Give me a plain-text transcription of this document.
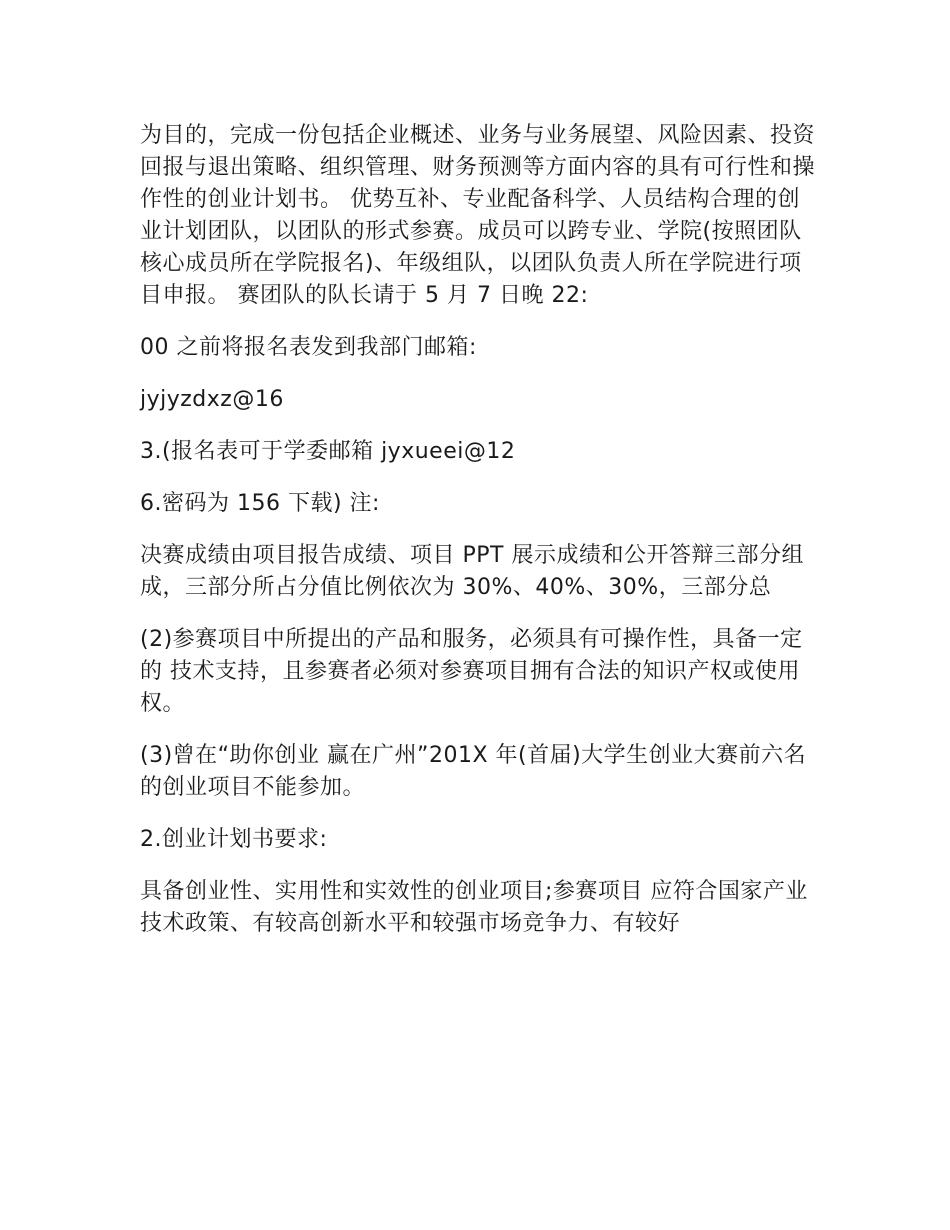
为目的，完成一份包括企业概述、业务与业务展望、风险因素、投资回报与退出策略、组织管理、财务预测等方面内容的具有可行性和操作性的创业计划书。 优势互补、专业配备科学、人员结构合理的创业计划团队，以团队的形式参赛。成员可以跨专业、学院(按照团队核心成员所在学院报名)、年级组队，以团队负责人所在学院进行项目申报。 赛团队的队长请于 5 月 7 日晚 22:

00 之前将报名表发到我部门邮箱:

jyjyzdxz@16

3.(报名表可于学委邮箱 jyxueei@12

6.密码为 156 下载) 注:

决赛成绩由项目报告成绩、项目 PPT 展示成绩和公开答辩三部分组成，三部分所占分值比例依次为 30%、40%、30%，三部分总

(2)参赛项目中所提出的产品和服务，必须具有可操作性，具备一定的 技术支持，且参赛者必须对参赛项目拥有合法的知识产权或使用权。

(3)曾在“助你创业 赢在广州”201X 年(首届)大学生创业大赛前六名 的创业项目不能参加。

2.创业计划书要求:

具备创业性、实用性和实效性的创业项目;参赛项目 应符合国家产业技术政策、有较高创新水平和较强市场竞争力、有较好
